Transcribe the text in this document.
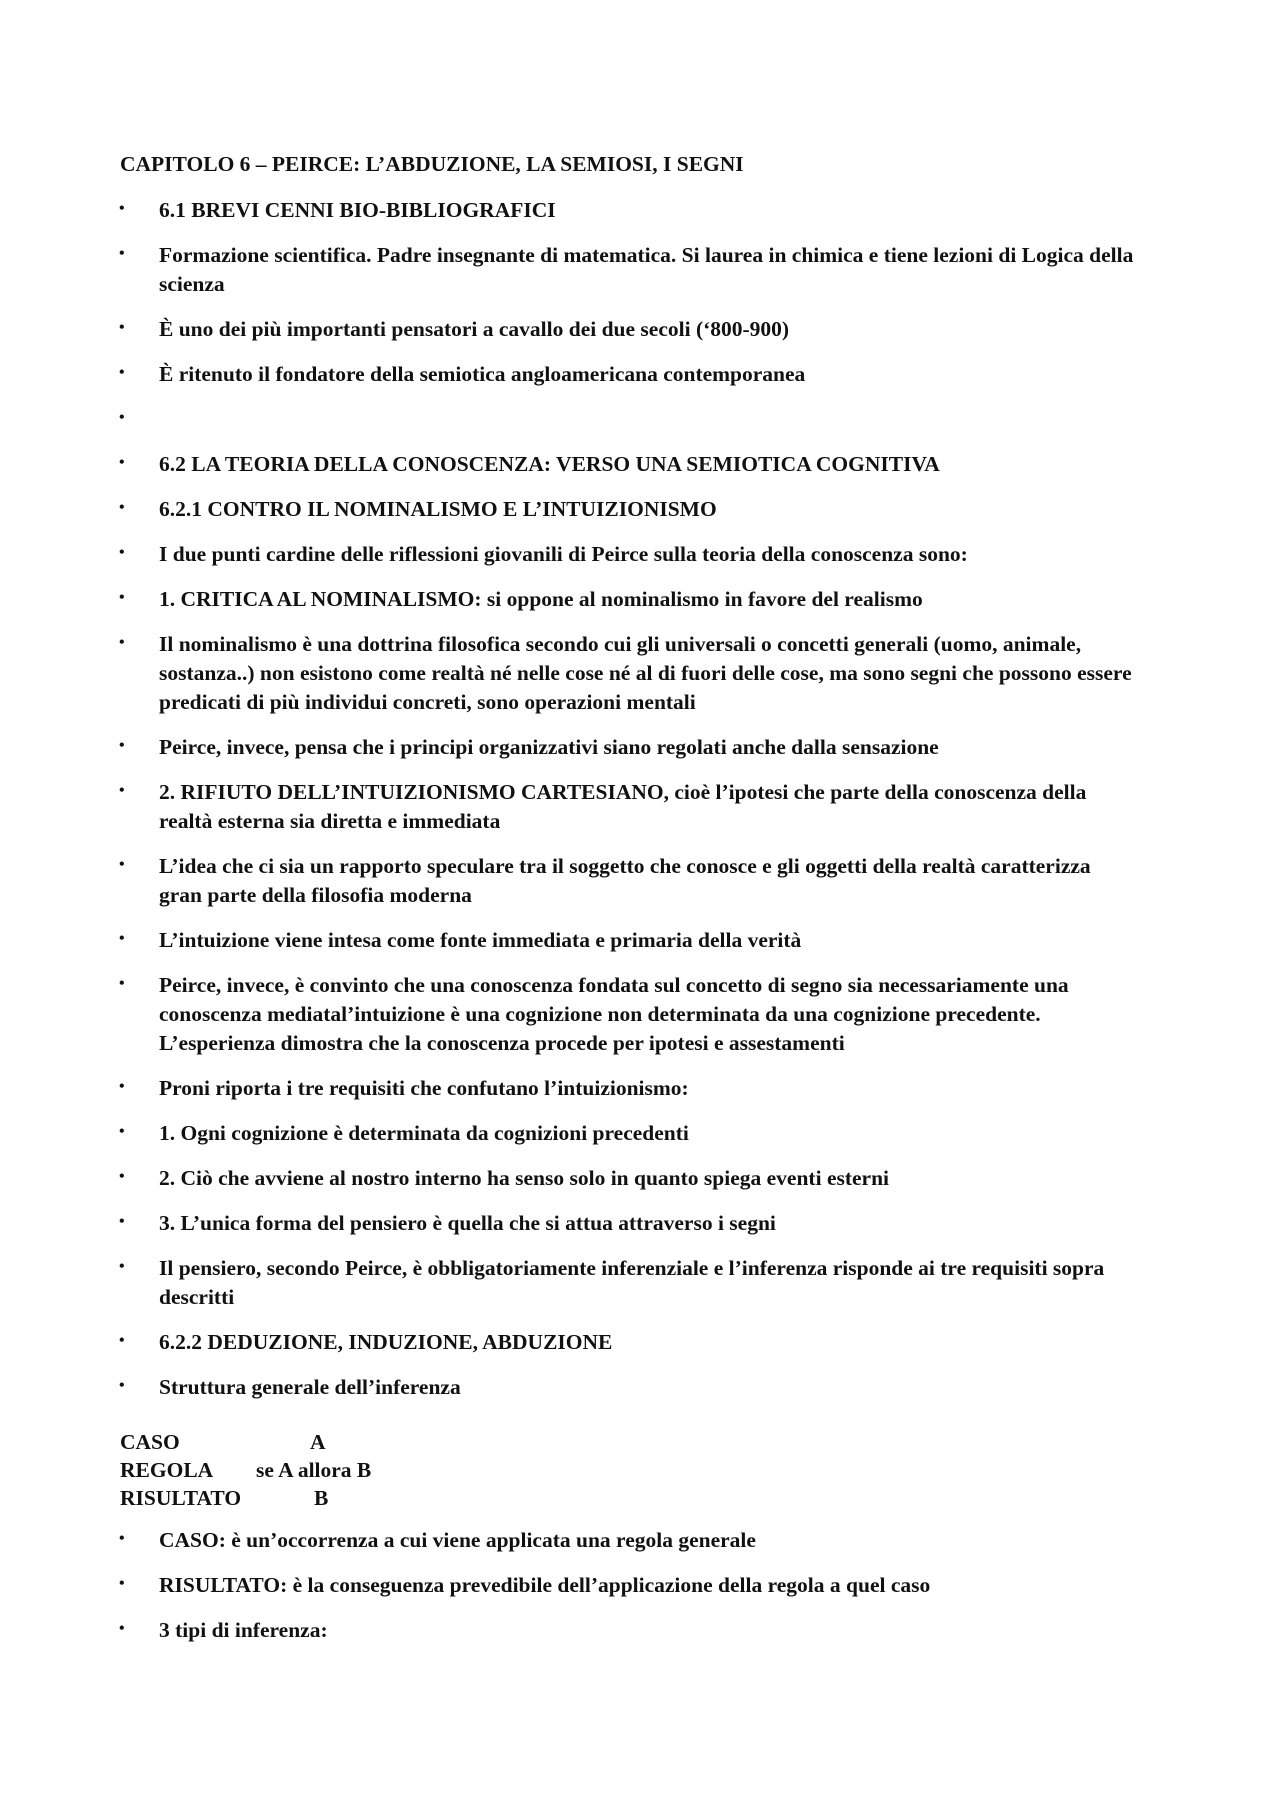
CAPITOLO 6 – PEIRCE: L’ABDUZIONE, LA SEMIOSI, I SEGNI
• 6.1 BREVI CENNI BIO-BIBLIOGRAFICI
• Formazione scientifica. Padre insegnante di matematica. Si laurea in chimica e tiene lezioni di Logica della scienza
• È uno dei più importanti pensatori a cavallo dei due secoli (‘800-900)
• È ritenuto il fondatore della semiotica angloamericana contemporanea
•
• 6.2 LA TEORIA DELLA CONOSCENZA: VERSO UNA SEMIOTICA COGNITIVA
• 6.2.1 CONTRO IL NOMINALISMO E L’INTUIZIONISMO
• I due punti cardine delle riflessioni giovanili di Peirce sulla teoria della conoscenza sono:
• 1. CRITICA AL NOMINALISMO: si oppone al nominalismo in favore del realismo
• Il nominalismo è una dottrina filosofica secondo cui gli universali o concetti generali (uomo, animale, sostanza..) non esistono come realtà né nelle cose né al di fuori delle cose, ma sono segni che possono essere predicati di più individui concreti, sono operazioni mentali
• Peirce, invece, pensa che i principi organizzativi siano regolati anche dalla sensazione
• 2. RIFIUTO DELL’INTUIZIONISMO CARTESIANO, cioè l’ipotesi che parte della conoscenza della realtà esterna sia diretta e immediata
• L’idea che ci sia un rapporto speculare tra il soggetto che conosce e gli oggetti della realtà caratterizza gran parte della filosofia moderna
• L’intuizione viene intesa come fonte immediata e primaria della verità
• Peirce, invece, è convinto che una conoscenza fondata sul concetto di segno sia necessariamente una conoscenza mediatal’intuizione è una cognizione non determinata da una cognizione precedente. L’esperienza dimostra che la conoscenza procede per ipotesi e assestamenti
• Proni riporta i tre requisiti che confutano l’intuizionismo:
• 1. Ogni cognizione è determinata da cognizioni precedenti
• 2. Ciò che avviene al nostro interno ha senso solo in quanto spiega eventi esterni
• 3. L’unica forma del pensiero è quella che si attua attraverso i segni
• Il pensiero, secondo Peirce, è obbligatoriamente inferenziale e l’inferenza risponde ai tre requisiti sopra descritti
• 6.2.2 DEDUZIONE, INDUZIONE, ABDUZIONE
• Struttura generale dell’inferenza
CASO	A
REGOLA se A allora B
RISULTATO	B
• CASO: è un’occorrenza a cui viene applicata una regola generale
• RISULTATO: è la conseguenza prevedibile dell’applicazione della regola a quel caso
• 3 tipi di inferenza:
